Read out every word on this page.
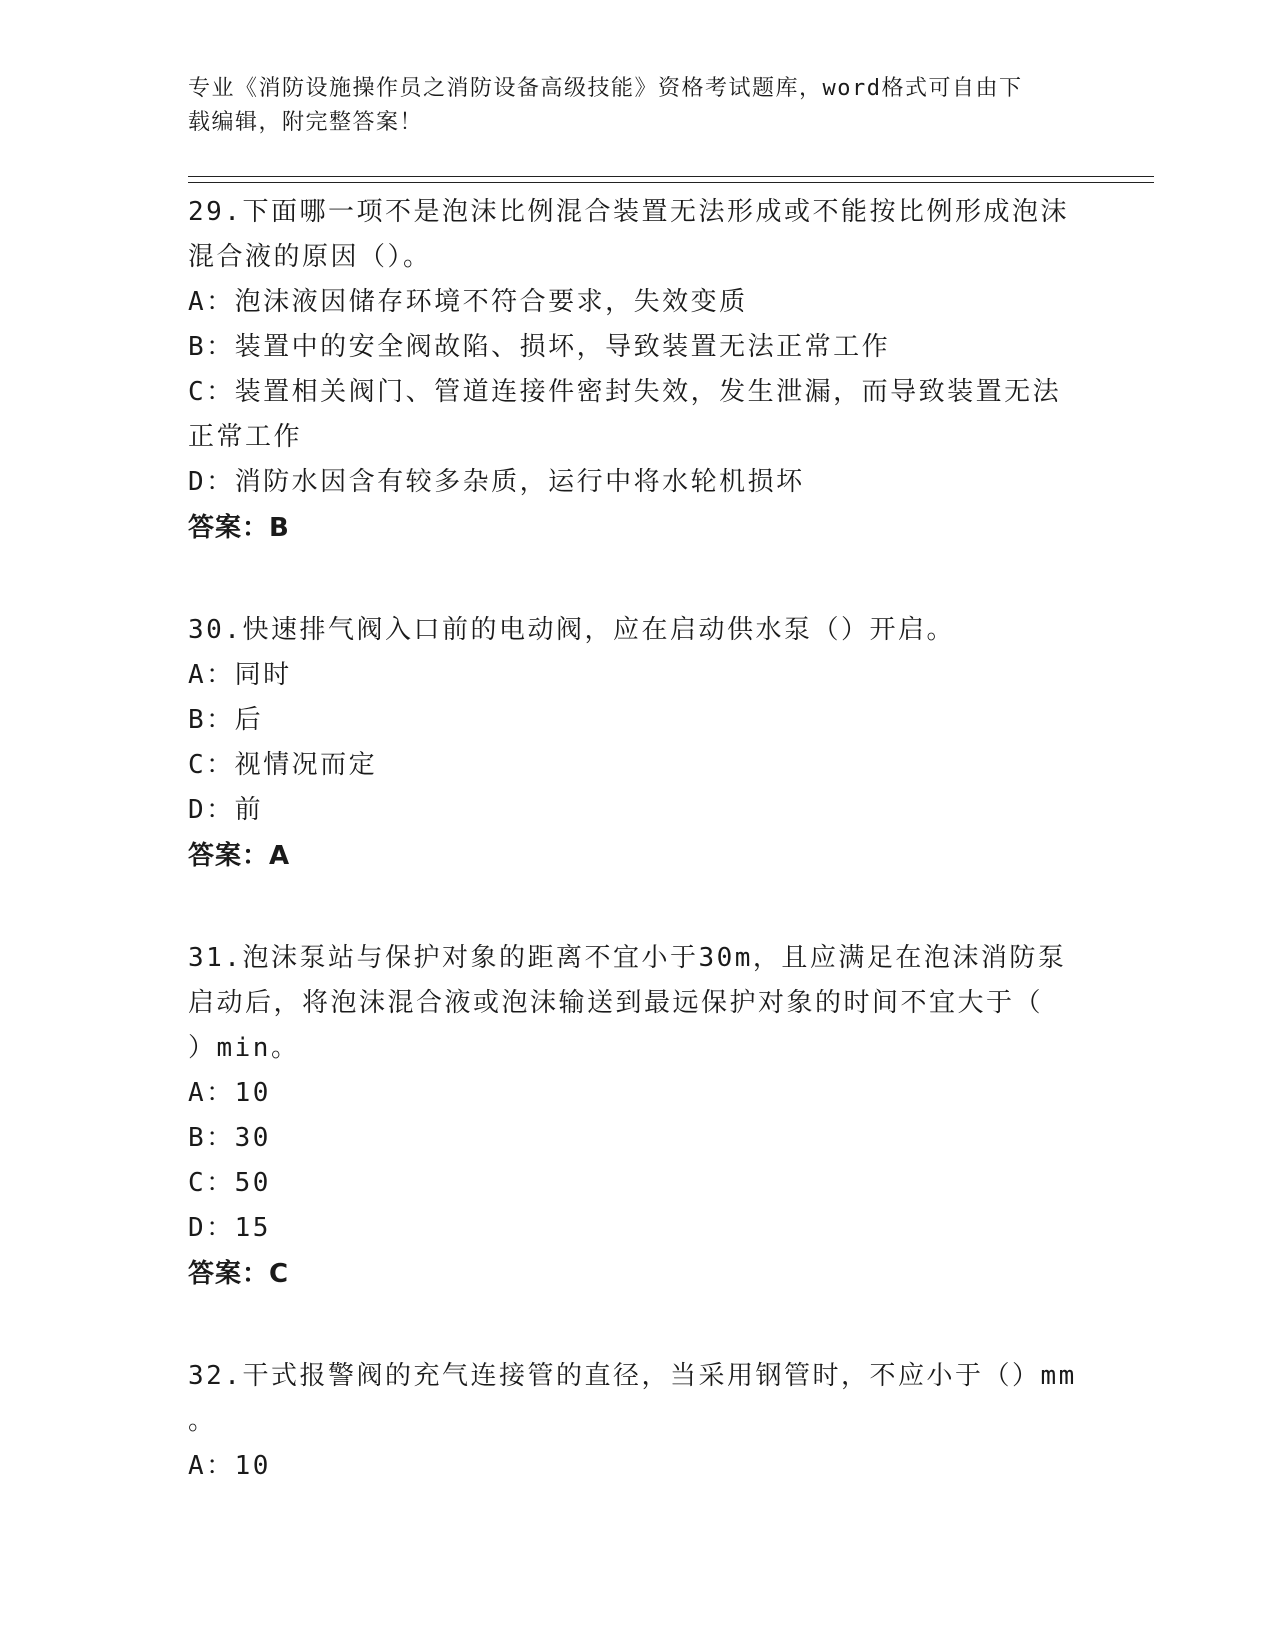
专业《消防设施操作员之消防设备高级技能》资格考试题库，word格式可自由下
载编辑，附完整答案！
29.下面哪一项不是泡沫比例混合装置无法形成或不能按比例形成泡沫
混合液的原因（）。
A：泡沫液因储存环境不符合要求，失效变质
B：装置中的安全阀故陷、损坏，导致装置无法正常工作
C：装置相关阀门、管道连接件密封失效，发生泄漏，而导致装置无法
正常工作
D：消防水因含有较多杂质，运行中将水轮机损坏
答案：B
30.快速排气阀入口前的电动阀，应在启动供水泵（）开启。
A：同时
B：后
C：视情况而定
D：前
答案：A
31.泡沫泵站与保护对象的距离不宜小于30m，且应满足在泡沫消防泵
启动后，将泡沫混合液或泡沫输送到最远保护对象的时间不宜大于（
）min。
A：10
B：30
C：50
D：15
答案：C
32.干式报警阀的充气连接管的直径，当采用钢管时，不应小于（）mm
。
A：10
